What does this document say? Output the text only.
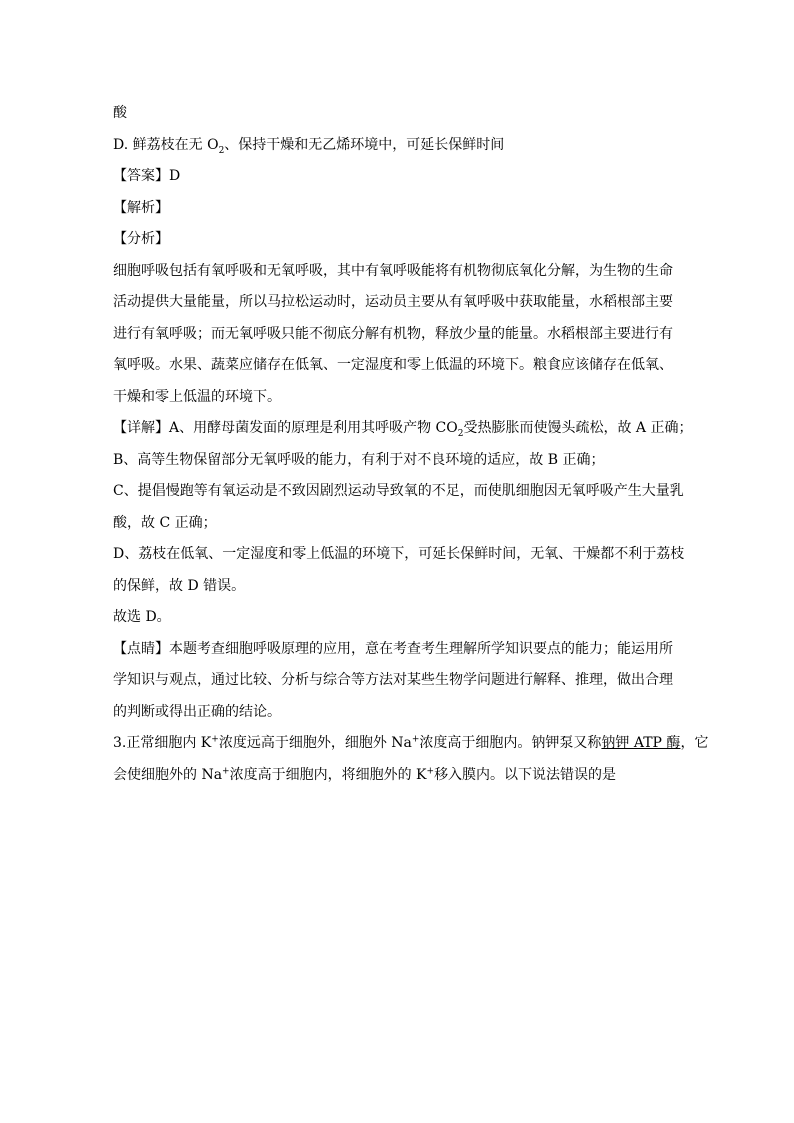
酸
D. 鲜荔枝在无 $O_2$、保持干燥和无乙烯环境中，可延长保鲜时间
【答案】D
【解析】
【分析】
细胞呼吸包括有氧呼吸和无氧呼吸，其中有氧呼吸能将有机物彻底氧化分解，为生物的生命
活动提供大量能量，所以马拉松运动时，运动员主要从有氧呼吸中获取能量，水稻根部主要
进行有氧呼吸；而无氧呼吸只能不彻底分解有机物，释放少量的能量。水稻根部主要进行有
氧呼吸。水果、蔬菜应储存在低氧、一定湿度和零上低温的环境下。粮食应该储存在低氧、
干燥和零上低温的环境下。
【详解】A、用酵母菌发面的原理是利用其呼吸产物 $CO_2$受热膨胀而使馒头疏松，故 A 正确；
B、高等生物保留部分无氧呼吸的能力，有利于对不良环境的适应，故 B 正确；
C、提倡慢跑等有氧运动是不致因剧烈运动导致氧的不足，而使肌细胞因无氧呼吸产生大量乳
酸，故 C 正确；
D、荔枝在低氧、一定湿度和零上低温的环境下，可延长保鲜时间，无氧、干燥都不利于荔枝
的保鲜，故 D 错误。
故选 D。
【点睛】本题考查细胞呼吸原理的应用，意在考查考生理解所学知识要点的能力；能运用所
学知识与观点，通过比较、分析与综合等方法对某些生物学问题进行解释、推理，做出合理
的判断或得出正确的结论。
3.正常细胞内 K+浓度远高于细胞外，细胞外 Na+浓度高于细胞内。钠钾泵又称钠钾 ATP 酶，它
会使细胞外的 Na+浓度高于细胞内，将细胞外的 K+移入膜内。以下说法错误的是
